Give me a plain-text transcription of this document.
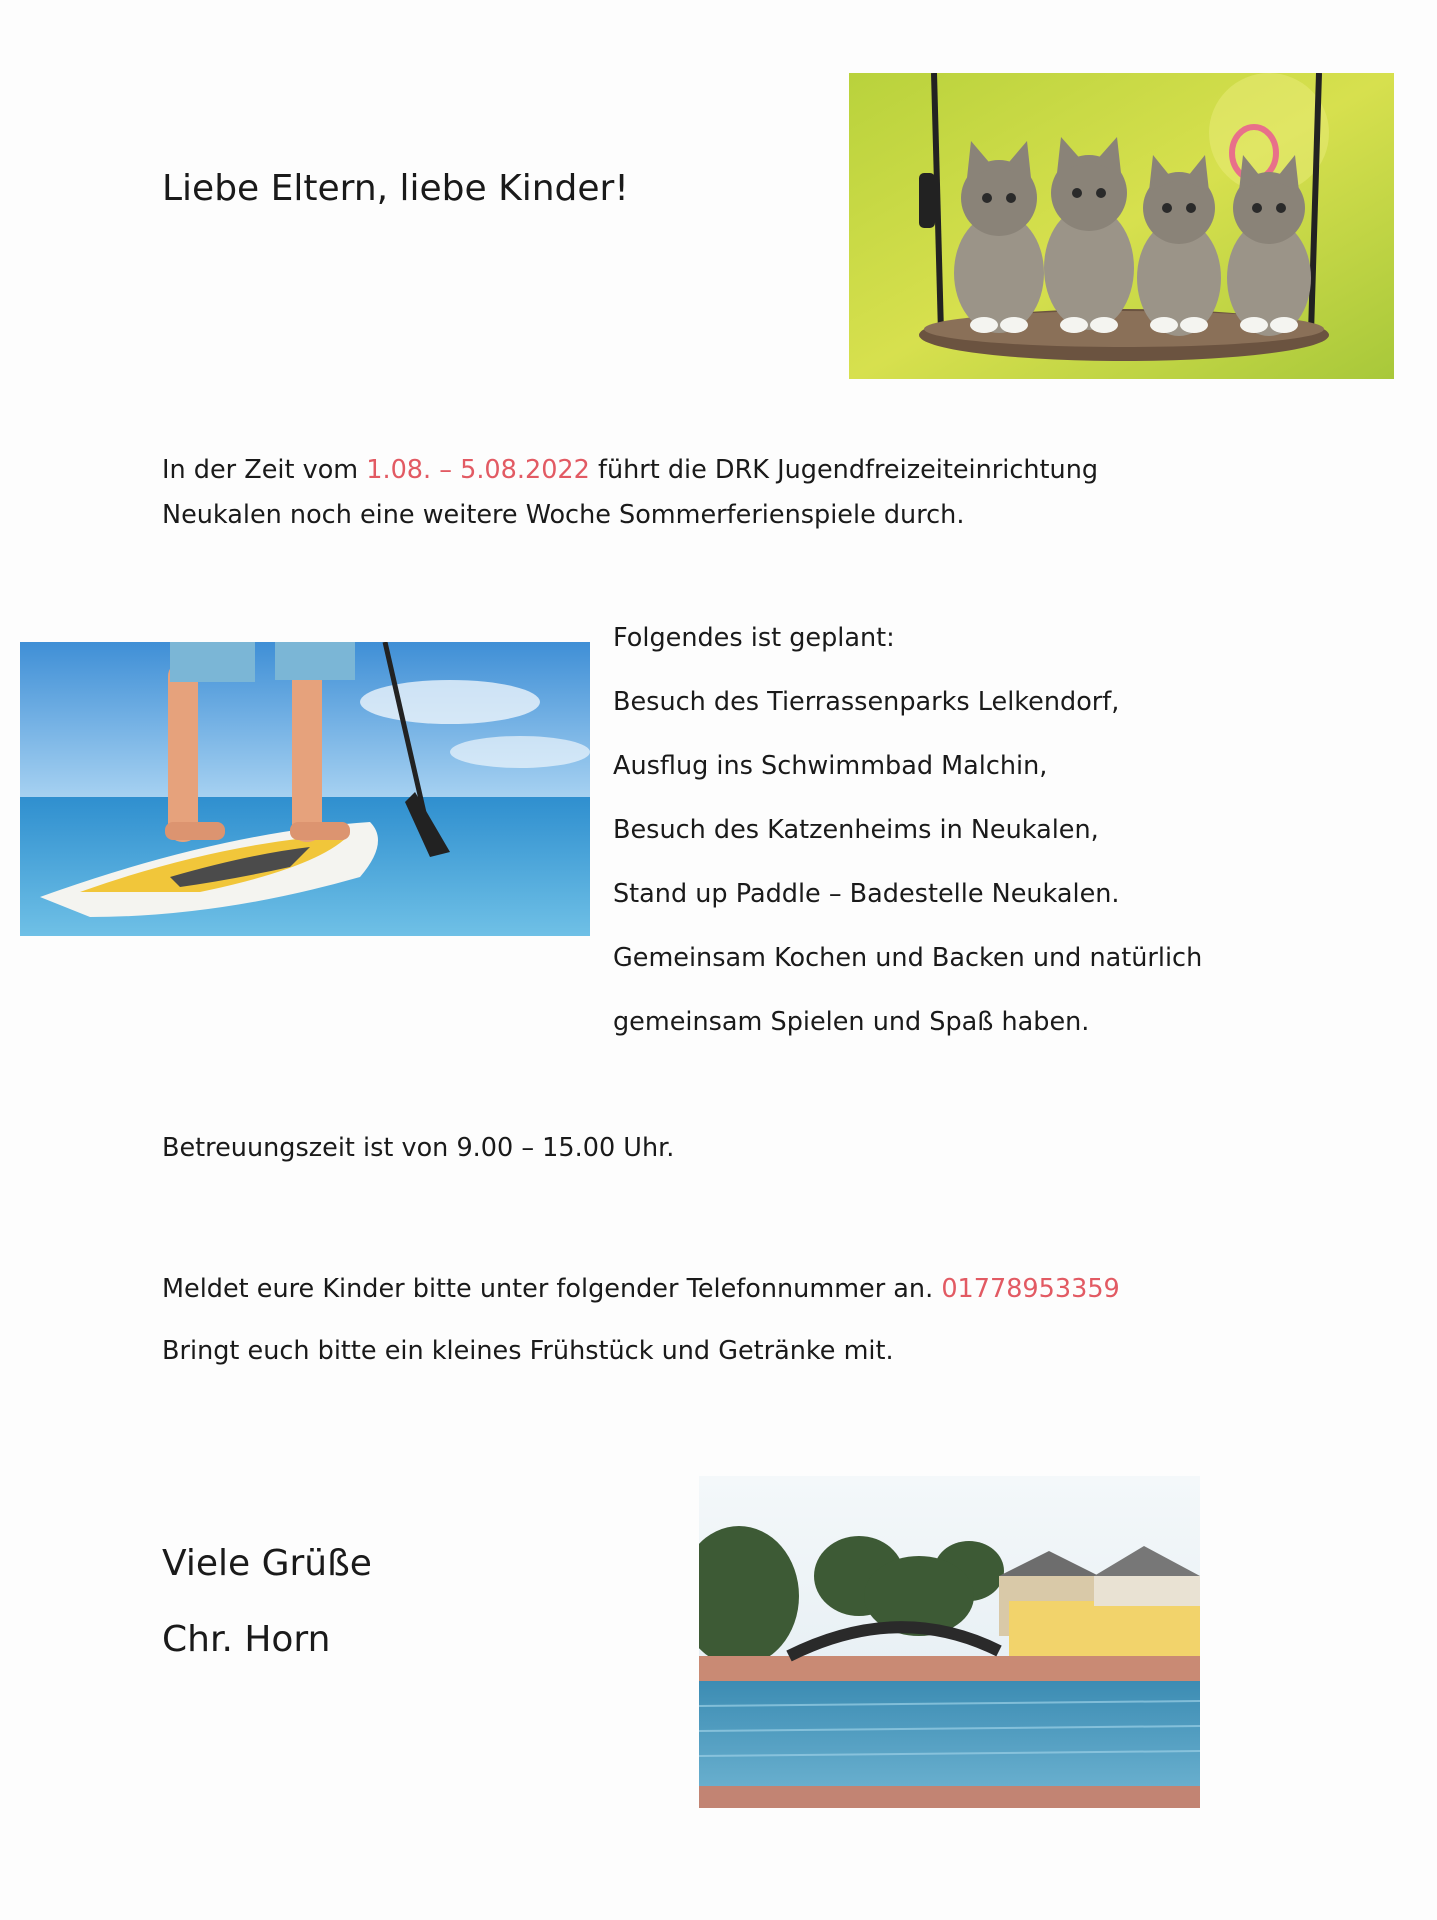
Liebe Eltern, liebe Kinder!

In der Zeit vom 1.08. – 5.08.2022 führt die DRK Jugendfreizeiteinrichtung
Neukalen noch eine weitere Woche Sommerferienspiele durch.

Folgendes ist geplant:
Besuch des Tierrassenparks Lelkendorf,
Ausflug ins Schwimmbad Malchin,
Besuch des Katzenheims in Neukalen,
Stand up Paddle – Badestelle Neukalen.
Gemeinsam Kochen und Backen und natürlich
gemeinsam Spielen und Spaß haben.

Betreuungszeit ist von 9.00 – 15.00 Uhr.

Meldet eure Kinder bitte unter folgender Telefonnummer an. 01778953359
Bringt euch bitte ein kleines Frühstück und Getränke mit.

Viele Grüße
Chr. Horn
